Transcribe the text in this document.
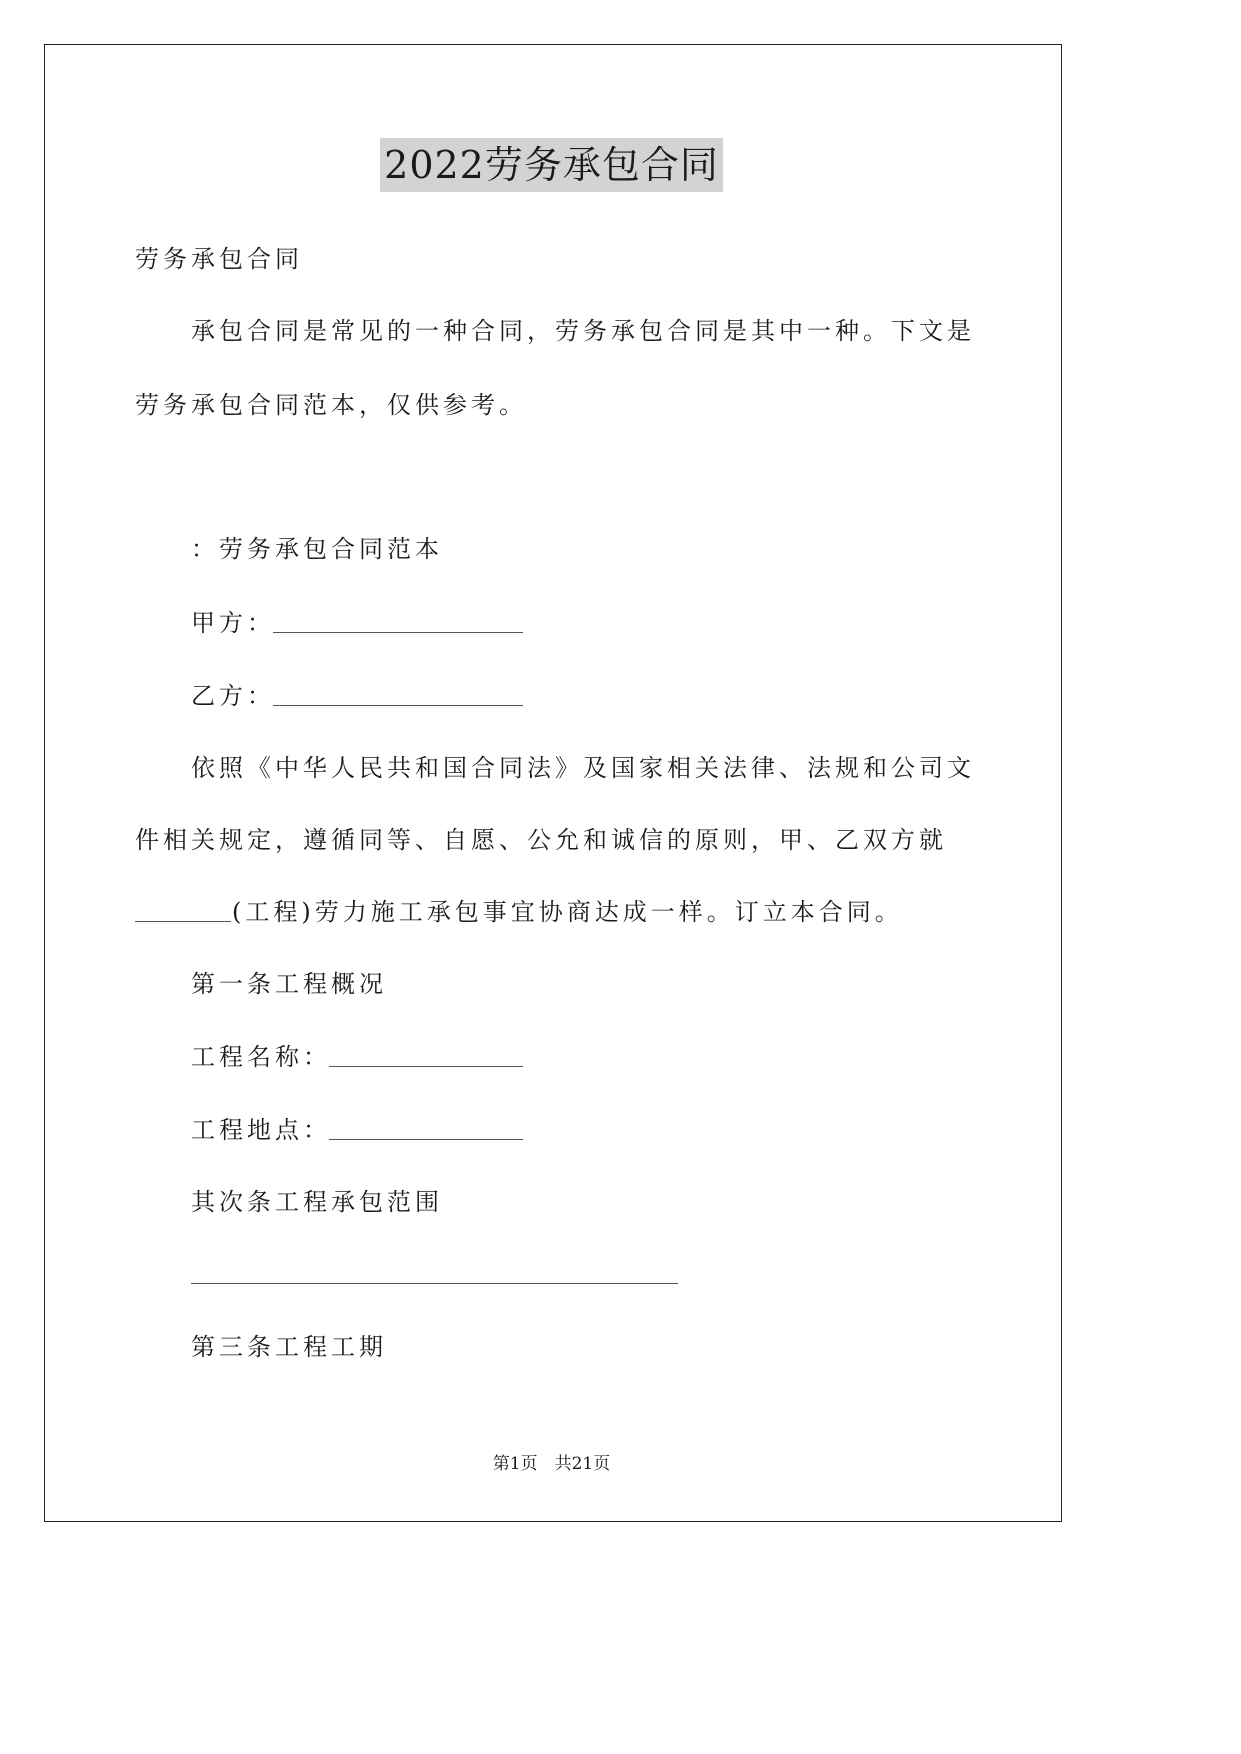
2022劳务承包合同
劳务承包合同
承包合同是常见的一种合同，劳务承包合同是其中一种。下文是
劳务承包合同范本，仅供参考。
：劳务承包合同范本
甲方：
乙方：
依照《中华人民共和国合同法》及国家相关法律、法规和公司文
件相关规定，遵循同等、自愿、公允和诚信的原则，甲、乙双方就
(工程)劳力施工承包事宜协商达成一样。订立本合同。
第一条工程概况
工程名称：
工程地点：
其次条工程承包范围
第三条工程工期
第1页　共21页
